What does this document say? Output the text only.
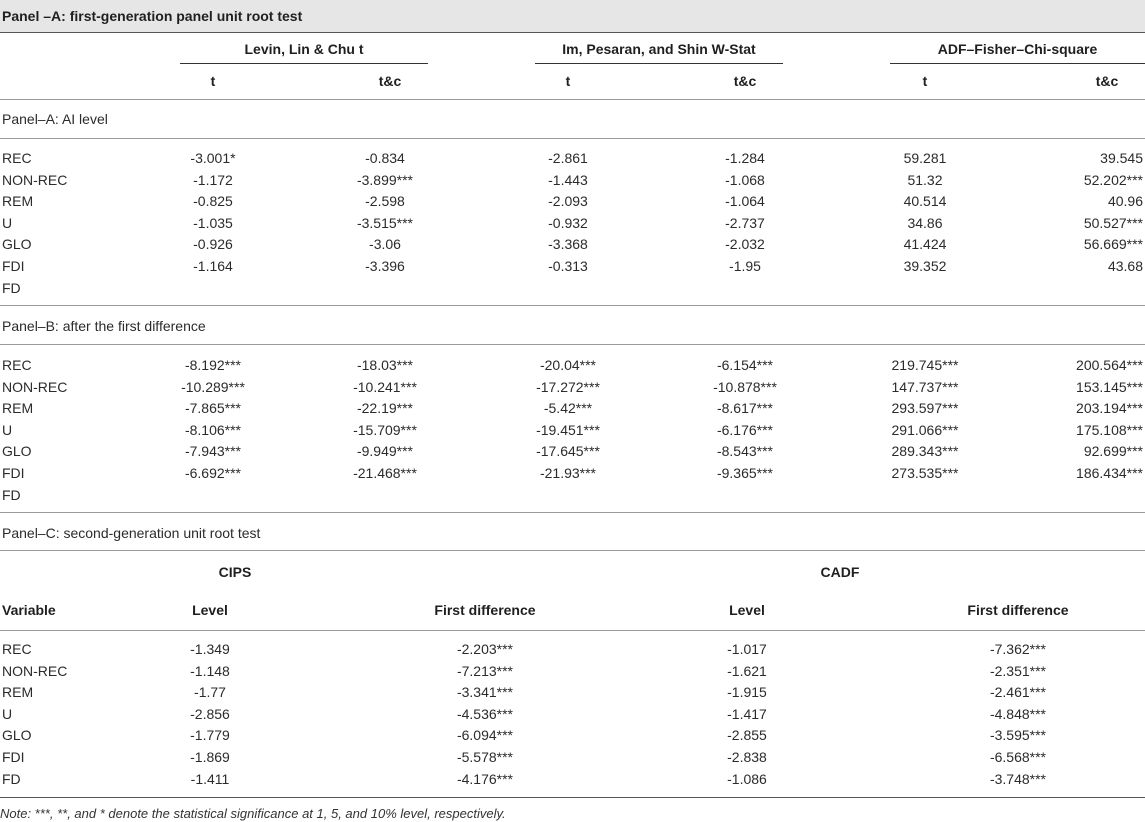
Panel –A: first-generation panel unit root test
Levin, Lin & Chu t	Im, Pesaran, and Shin W-Stat	ADF–Fisher–Chi-square
t	t&c	t	t&c	t	t&c
Panel–A: AI level
REC	-3.001*	-0.834	-2.861	-1.284	59.281	39.545
NON-REC	-1.172	-3.899***	-1.443	-1.068	51.32	52.202***
REM	-0.825	-2.598	-2.093	-1.064	40.514	40.96
U	-1.035	-3.515***	-0.932	-2.737	34.86	50.527***
GLO	-0.926	-3.06	-3.368	-2.032	41.424	56.669***
FDI	-1.164	-3.396	-0.313	-1.95	39.352	43.68
FD
Panel–B: after the first difference
REC	-8.192***	-18.03***	-20.04***	-6.154***	219.745***	200.564***
NON-REC	-10.289***	-10.241***	-17.272***	-10.878***	147.737***	153.145***
REM	-7.865***	-22.19***	-5.42***	-8.617***	293.597***	203.194***
U	-8.106***	-15.709***	-19.451***	-6.176***	291.066***	175.108***
GLO	-7.943***	-9.949***	-17.645***	-8.543***	289.343***	92.699***
FDI	-6.692***	-21.468***	-21.93***	-9.365***	273.535***	186.434***
FD
Panel–C: second-generation unit root test
CIPS	CADF
Variable	Level	First difference	Level	First difference
REC	-1.349	-2.203***	-1.017	-7.362***
NON-REC	-1.148	-7.213***	-1.621	-2.351***
REM	-1.77	-3.341***	-1.915	-2.461***
U	-2.856	-4.536***	-1.417	-4.848***
GLO	-1.779	-6.094***	-2.855	-3.595***
FDI	-1.869	-5.578***	-2.838	-6.568***
FD	-1.411	-4.176***	-1.086	-3.748***
Note: ***, **, and * denote the statistical significance at 1, 5, and 10% level, respectively.
